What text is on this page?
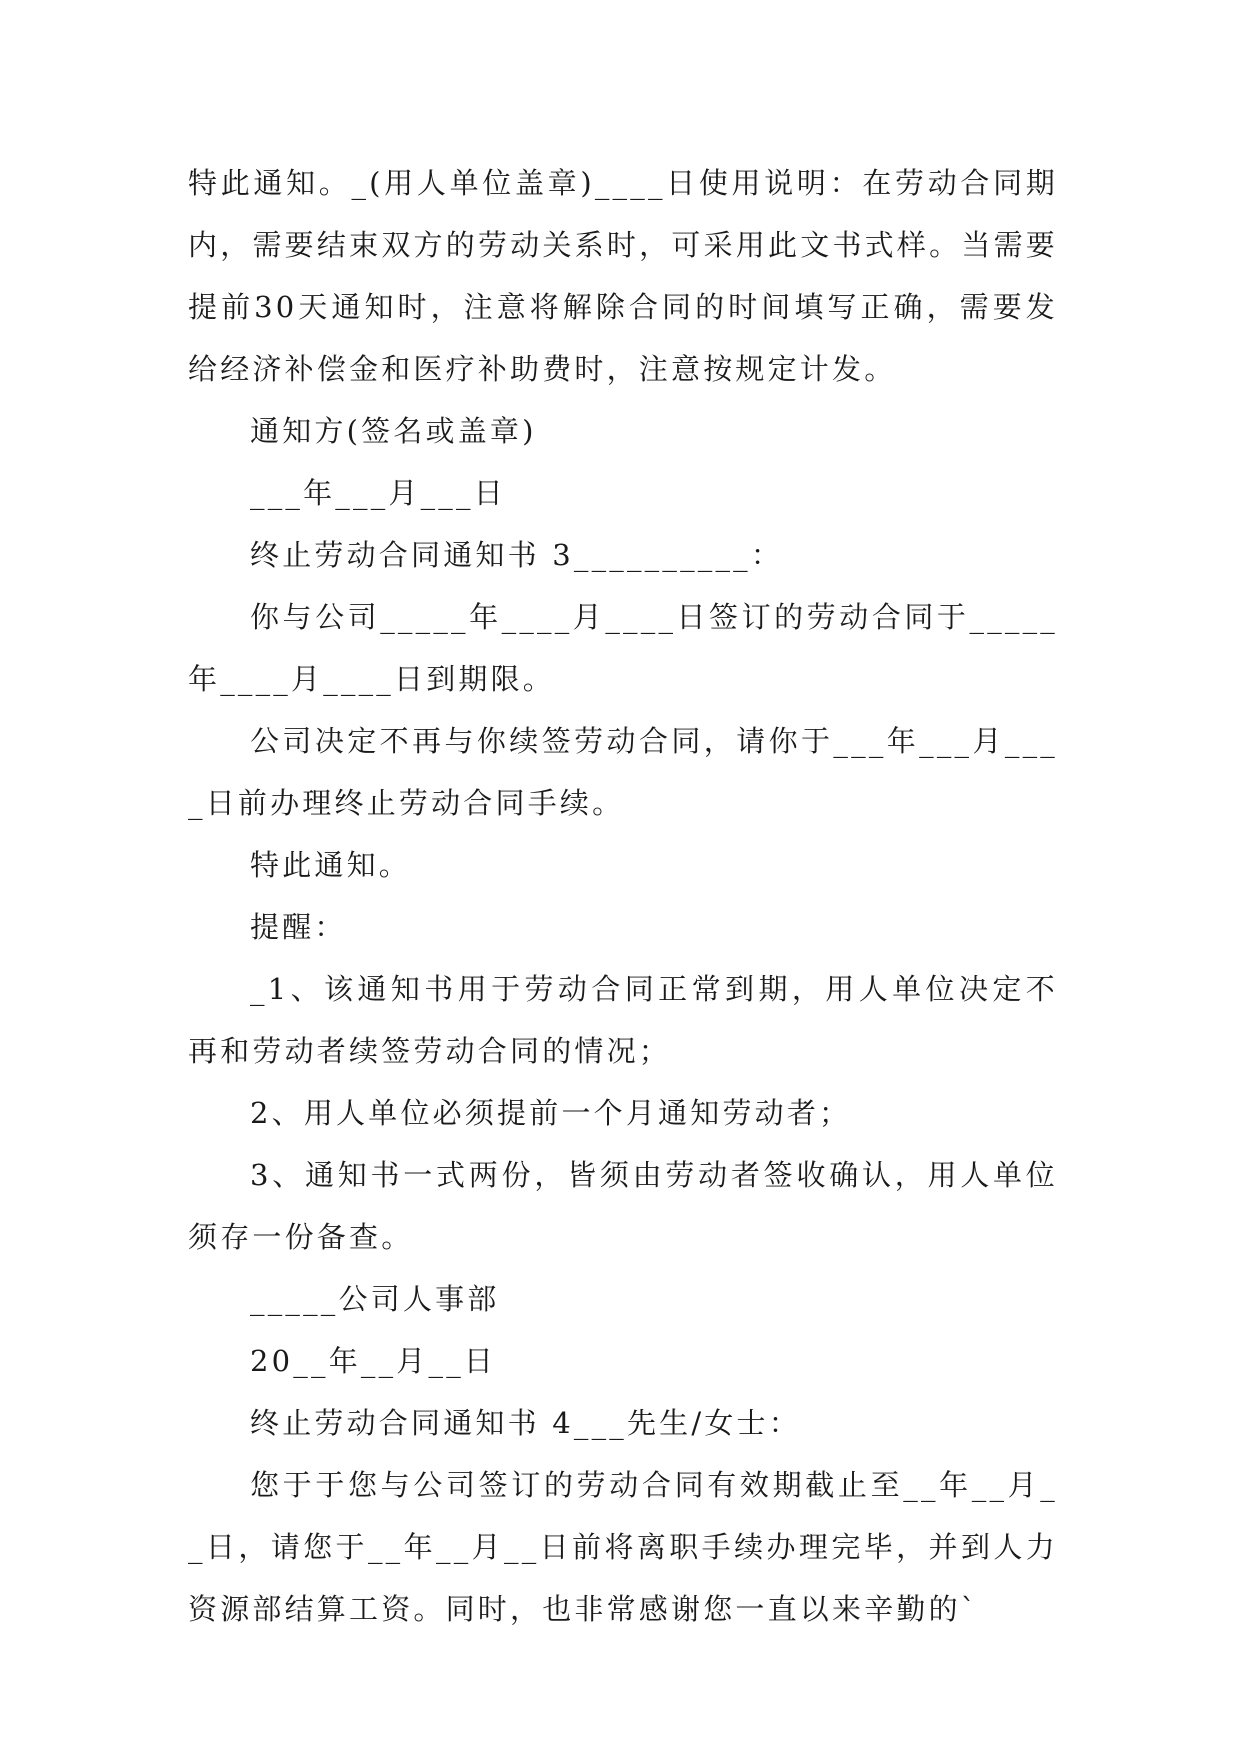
特此通知。_(用人单位盖章)____日使用说明：在劳动合同期内，需要结束双方的劳动关系时，可采用此文书式样。当需要提前30天通知时，注意将解除合同的时间填写正确，需要发给经济补偿金和医疗补助费时，注意按规定计发。

通知方(签名或盖章)

___年___月___日

终止劳动合同通知书 3__________：

你与公司_____年____月____日签订的劳动合同于_____年____月____日到期限。

公司决定不再与你续签劳动合同，请你于___年___月____日前办理终止劳动合同手续。

特此通知。

提醒：

_1、该通知书用于劳动合同正常到期，用人单位决定不再和劳动者续签劳动合同的情况；

2、用人单位必须提前一个月通知劳动者；

3、通知书一式两份，皆须由劳动者签收确认，用人单位须存一份备查。

_____公司人事部

20__年__月__日

终止劳动合同通知书 4___先生/女士：

您于于您与公司签订的劳动合同有效期截止至__年__月__日，请您于__年__月__日前将离职手续办理完毕，并到人力资源部结算工资。同时，也非常感谢您一直以来辛勤的`
